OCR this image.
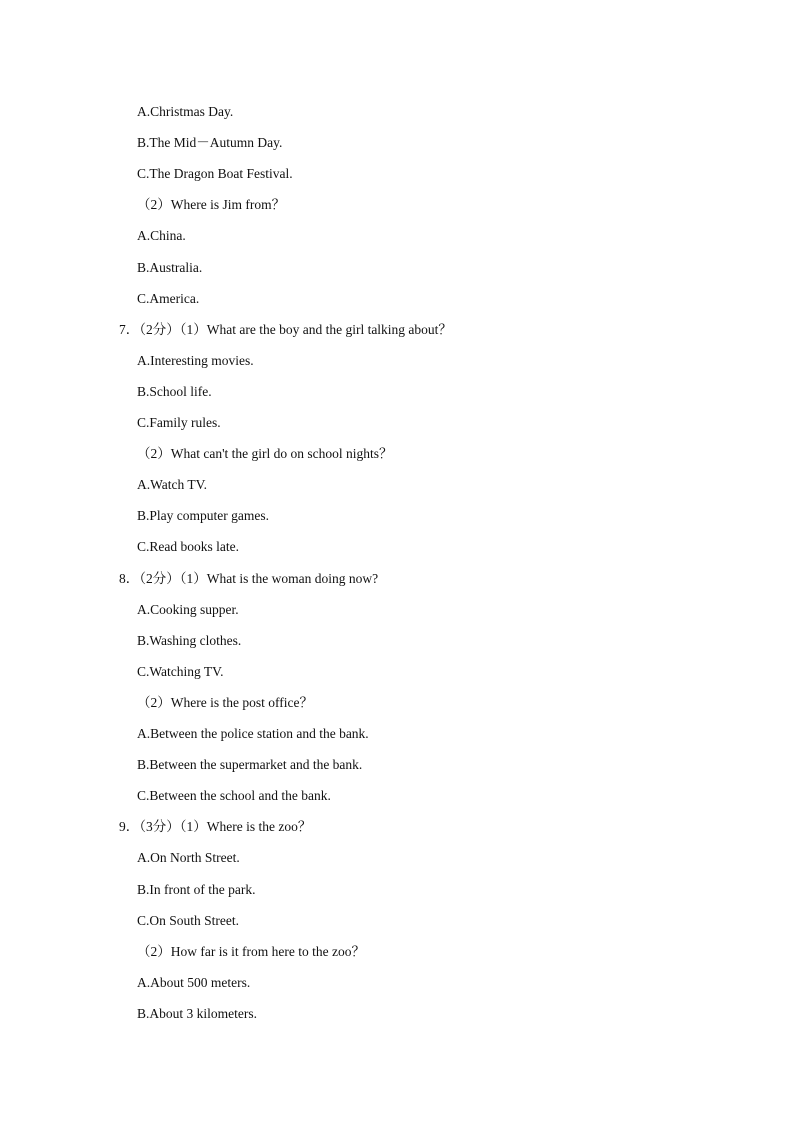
A.Christmas Day.
B.The Mid－Autumn Day.
C.The Dragon Boat Festival.
（2）Where is Jim from？
A.China.
B.Australia.
C.America.
7．（2分）（1）What are the boy and the girl talking about？
A.Interesting movies.
B.School life.
C.Family rules.
（2）What can't the girl do on school nights？
A.Watch TV.
B.Play computer games.
C.Read books late.
8．（2分）（1）What is the woman doing now?
A.Cooking supper.
B.Washing clothes.
C.Watching TV.
（2）Where is the post office？
A.Between the police station and the bank.
B.Between the supermarket and the bank.
C.Between the school and the bank.
9．（3分）（1）Where is the zoo？
A.On North Street.
B.In front of the park.
C.On South Street.
（2）How far is it from here to the zoo？
A.About 500 meters.
B.About 3 kilometers.
